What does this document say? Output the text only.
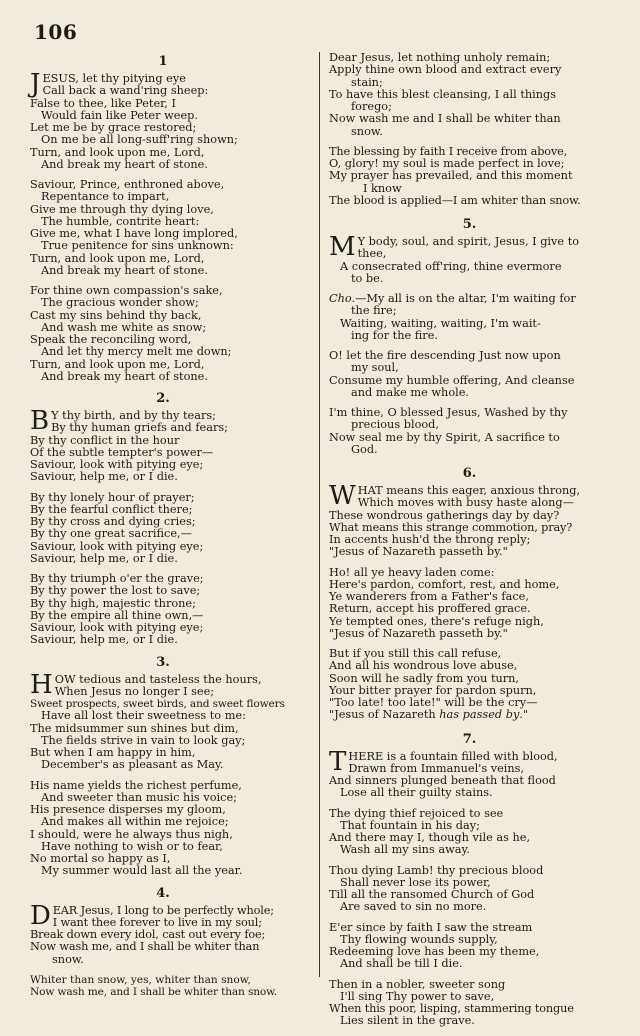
106
1
JESUS, let thy pitying eye
Call back a wand'ring sheep:
False to thee, like Peter, I
Would fain like Peter weep.
Let me be by grace restored;
On me be all long-suff'ring shown;
Turn, and look upon me, Lord,
And break my heart of stone.
Saviour, Prince, enthroned above,
Repentance to impart,
Give me through thy dying love,
The humble, contrite heart:
Give me, what I have long implored,
True penitence for sins unknown:
Turn, and look upon me, Lord,
And break my heart of stone.
For thine own compassion's sake,
The gracious wonder show;
Cast my sins behind thy back,
And wash me white as snow;
Speak the reconciling word,
And let thy mercy melt me down;
Turn, and look upon me, Lord,
And break my heart of stone.
2.
BY thy birth, and by thy tears;
By thy human griefs and fears;
By thy conflict in the hour
Of the subtle tempter's power—
Saviour, look with pitying eye;
Saviour, help me, or I die.
By thy lonely hour of prayer;
By the fearful conflict there;
By thy cross and dying cries;
By thy one great sacrifice,—
Saviour, look with pitying eye;
Saviour, help me, or I die.
By thy triumph o'er the grave;
By thy power the lost to save;
By thy high, majestic throne;
By the empire all thine own,—
Saviour, look with pitying eye;
Saviour, help me, or I die.
3.
HOW tedious and tasteless the hours,
When Jesus no longer I see;
Sweet prospects, sweet birds, and sweet flowers
Have all lost their sweetness to me:
The midsummer sun shines but dim,
The fields strive in vain to look gay;
But when I am happy in him,
December's as pleasant as May.
His name yields the richest perfume,
And sweeter than music his voice;
His presence disperses my gloom,
And makes all within me rejoice;
I should, were he always thus nigh,
Have nothing to wish or to fear,
No mortal so happy as I,
My summer would last all the year.
4.
DEAR Jesus, I long to be perfectly whole;
I want thee forever to live in my soul;
Break down every idol, cast out every foe;
Now wash me, and I shall be whiter than
snow.
Whiter than snow, yes, whiter than snow,
Now wash me, and I shall be whiter than snow.
Dear Jesus, let nothing unholy remain;
Apply thine own blood and extract every
stain;
To have this blest cleansing, I all things
forego;
Now wash me and I shall be whiter than
snow.
The blessing by faith I receive from above,
O, glory! my soul is made perfect in love;
My prayer has prevailed, and this moment
I know
The blood is applied—I am whiter than snow.
5.
MY body, soul, and spirit, Jesus, I give to
thee,
A consecrated off'ring, thine evermore
to be.
Cho.—My all is on the altar, I'm waiting for
the fire;
Waiting, waiting, waiting, I'm wait-
ing for the fire.
O! let the fire descending Just now upon
my soul,
Consume my humble offering, And cleanse
and make me whole.
I'm thine, O blessed Jesus, Washed by thy
precious blood,
Now seal me by thy Spirit, A sacrifice to
God.
6.
WHAT means this eager, anxious throng,
Which moves with busy haste along—
These wondrous gatherings day by day?
What means this strange commotion, pray?
In accents hush'd the throng reply;
"Jesus of Nazareth passeth by."
Ho! all ye heavy laden come:
Here's pardon, comfort, rest, and home,
Ye wanderers from a Father's face,
Return, accept his proffered grace.
Ye tempted ones, there's refuge nigh,
"Jesus of Nazareth passeth by."
But if you still this call refuse,
And all his wondrous love abuse,
Soon will he sadly from you turn,
Your bitter prayer for pardon spurn,
"Too late! too late!" will be the cry—
"Jesus of Nazareth has passed by."
7.
THERE is a fountain filled with blood,
Drawn from Immanuel's veins,
And sinners plunged beneath that flood
Lose all their guilty stains.
The dying thief rejoiced to see
That fountain in his day;
And there may I, though vile as he,
Wash all my sins away.
Thou dying Lamb! thy precious blood
Shall never lose its power,
Till all the ransomed Church of God
Are saved to sin no more.
E'er since by faith I saw the stream
Thy flowing wounds supply,
Redeeming love has been my theme,
And shall be till I die.
Then in a nobler, sweeter song
I'll sing Thy power to save,
When this poor, lisping, stammering tongue
Lies silent in the grave.
